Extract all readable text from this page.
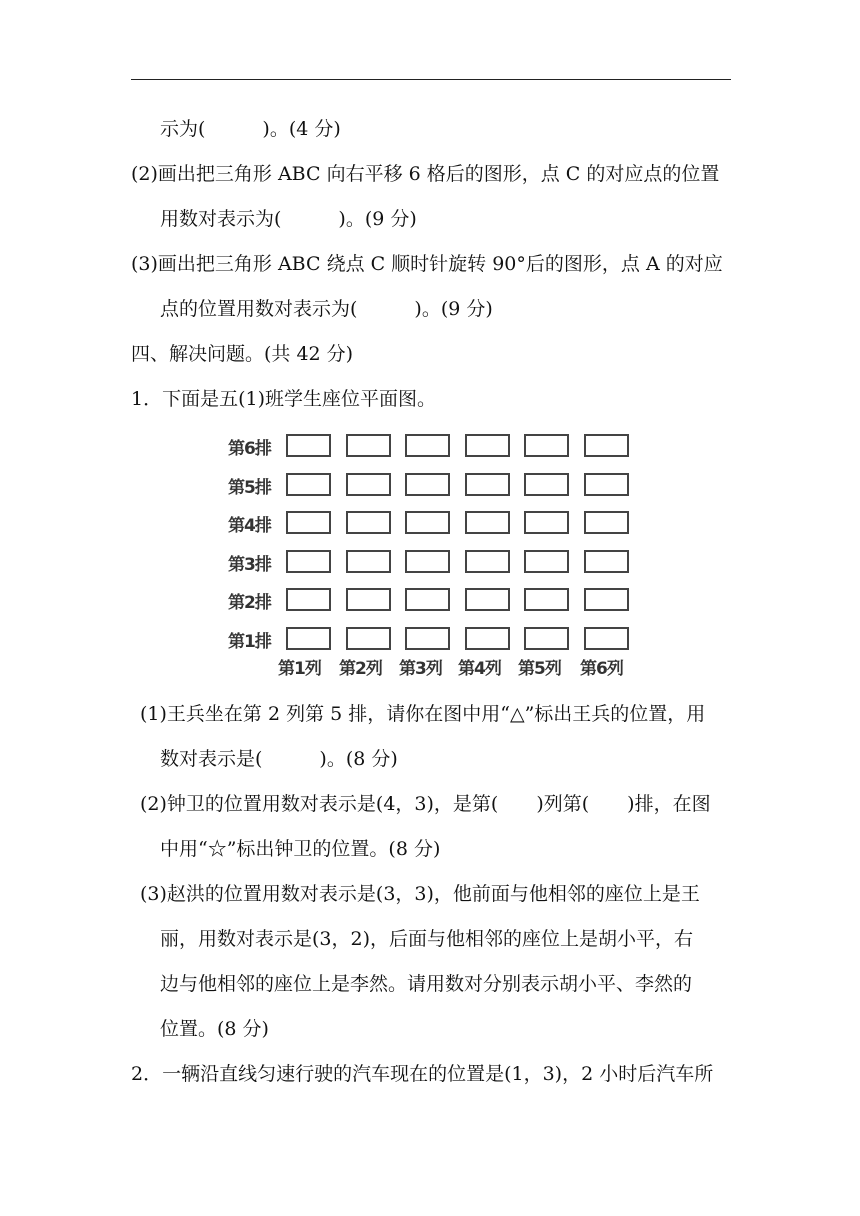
示为(　　　)。(4 分)
(2)画出把三角形 ABC 向右平移 6 格后的图形，点 C 的对应点的位置
用数对表示为(　　　)。(9 分)
(3)画出把三角形 ABC 绕点 C 顺时针旋转 90°后的图形，点 A 的对应
点的位置用数对表示为(　　　)。(9 分)
四、解决问题。(共 42 分)
1．下面是五(1)班学生座位平面图。
第6排
第5排
第4排
第3排
第2排
第1排
第1列 第2列 第3列 第4列 第5列 第6列
(1)王兵坐在第 2 列第 5 排，请你在图中用“△”标出王兵的位置，用
数对表示是(　　　)。(8 分)
(2)钟卫的位置用数对表示是(4，3)，是第(　　)列第(　　)排，在图
中用“☆”标出钟卫的位置。(8 分)
(3)赵洪的位置用数对表示是(3，3)，他前面与他相邻的座位上是王
丽，用数对表示是(3，2)，后面与他相邻的座位上是胡小平，右
边与他相邻的座位上是李然。请用数对分别表示胡小平、李然的
位置。(8 分)
2．一辆沿直线匀速行驶的汽车现在的位置是(1，3)，2 小时后汽车所
